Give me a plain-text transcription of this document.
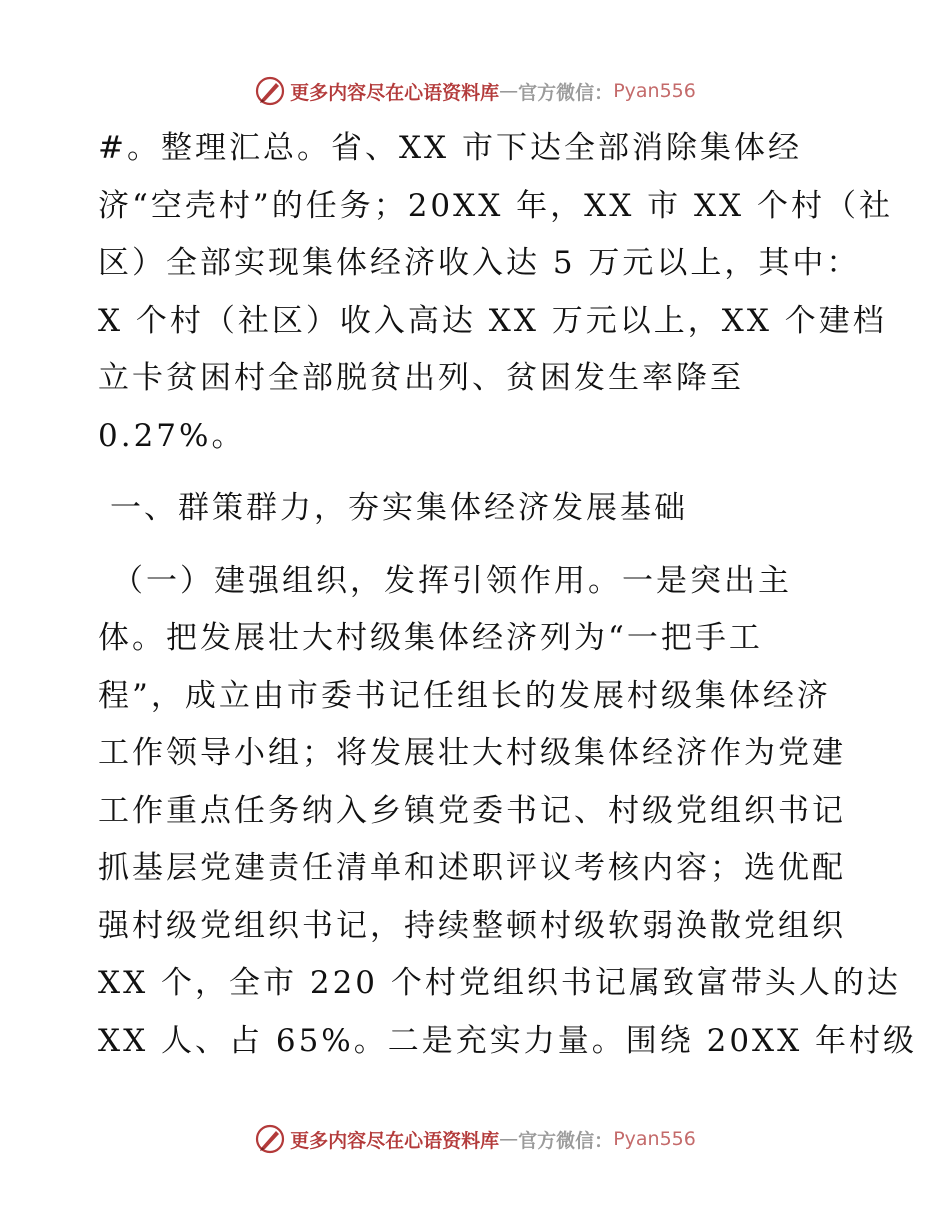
更多内容尽在心语资料库 — 官方微信： Pyan556
#。整理汇总。省、XX 市下达全部消除集体经
济“空壳村”的任务；20XX 年，XX 市 XX 个村（社
区）全部实现集体经济收入达 5 万元以上，其中：
X 个村（社区）收入高达 XX 万元以上，XX 个建档
立卡贫困村全部脱贫出列、贫困发生率降至
0.27%。
一、群策群力，夯实集体经济发展基础
（一）建强组织，发挥引领作用。一是突出主
体。把发展壮大村级集体经济列为“一把手工
程”，成立由市委书记任组长的发展村级集体经济
工作领导小组；将发展壮大村级集体经济作为党建
工作重点任务纳入乡镇党委书记、村级党组织书记
抓基层党建责任清单和述职评议考核内容；选优配
强村级党组织书记，持续整顿村级软弱涣散党组织
XX 个，全市 220 个村党组织书记属致富带头人的达
XX 人、占 65%。二是充实力量。围绕 20XX 年村级
更多内容尽在心语资料库 — 官方微信： Pyan556
